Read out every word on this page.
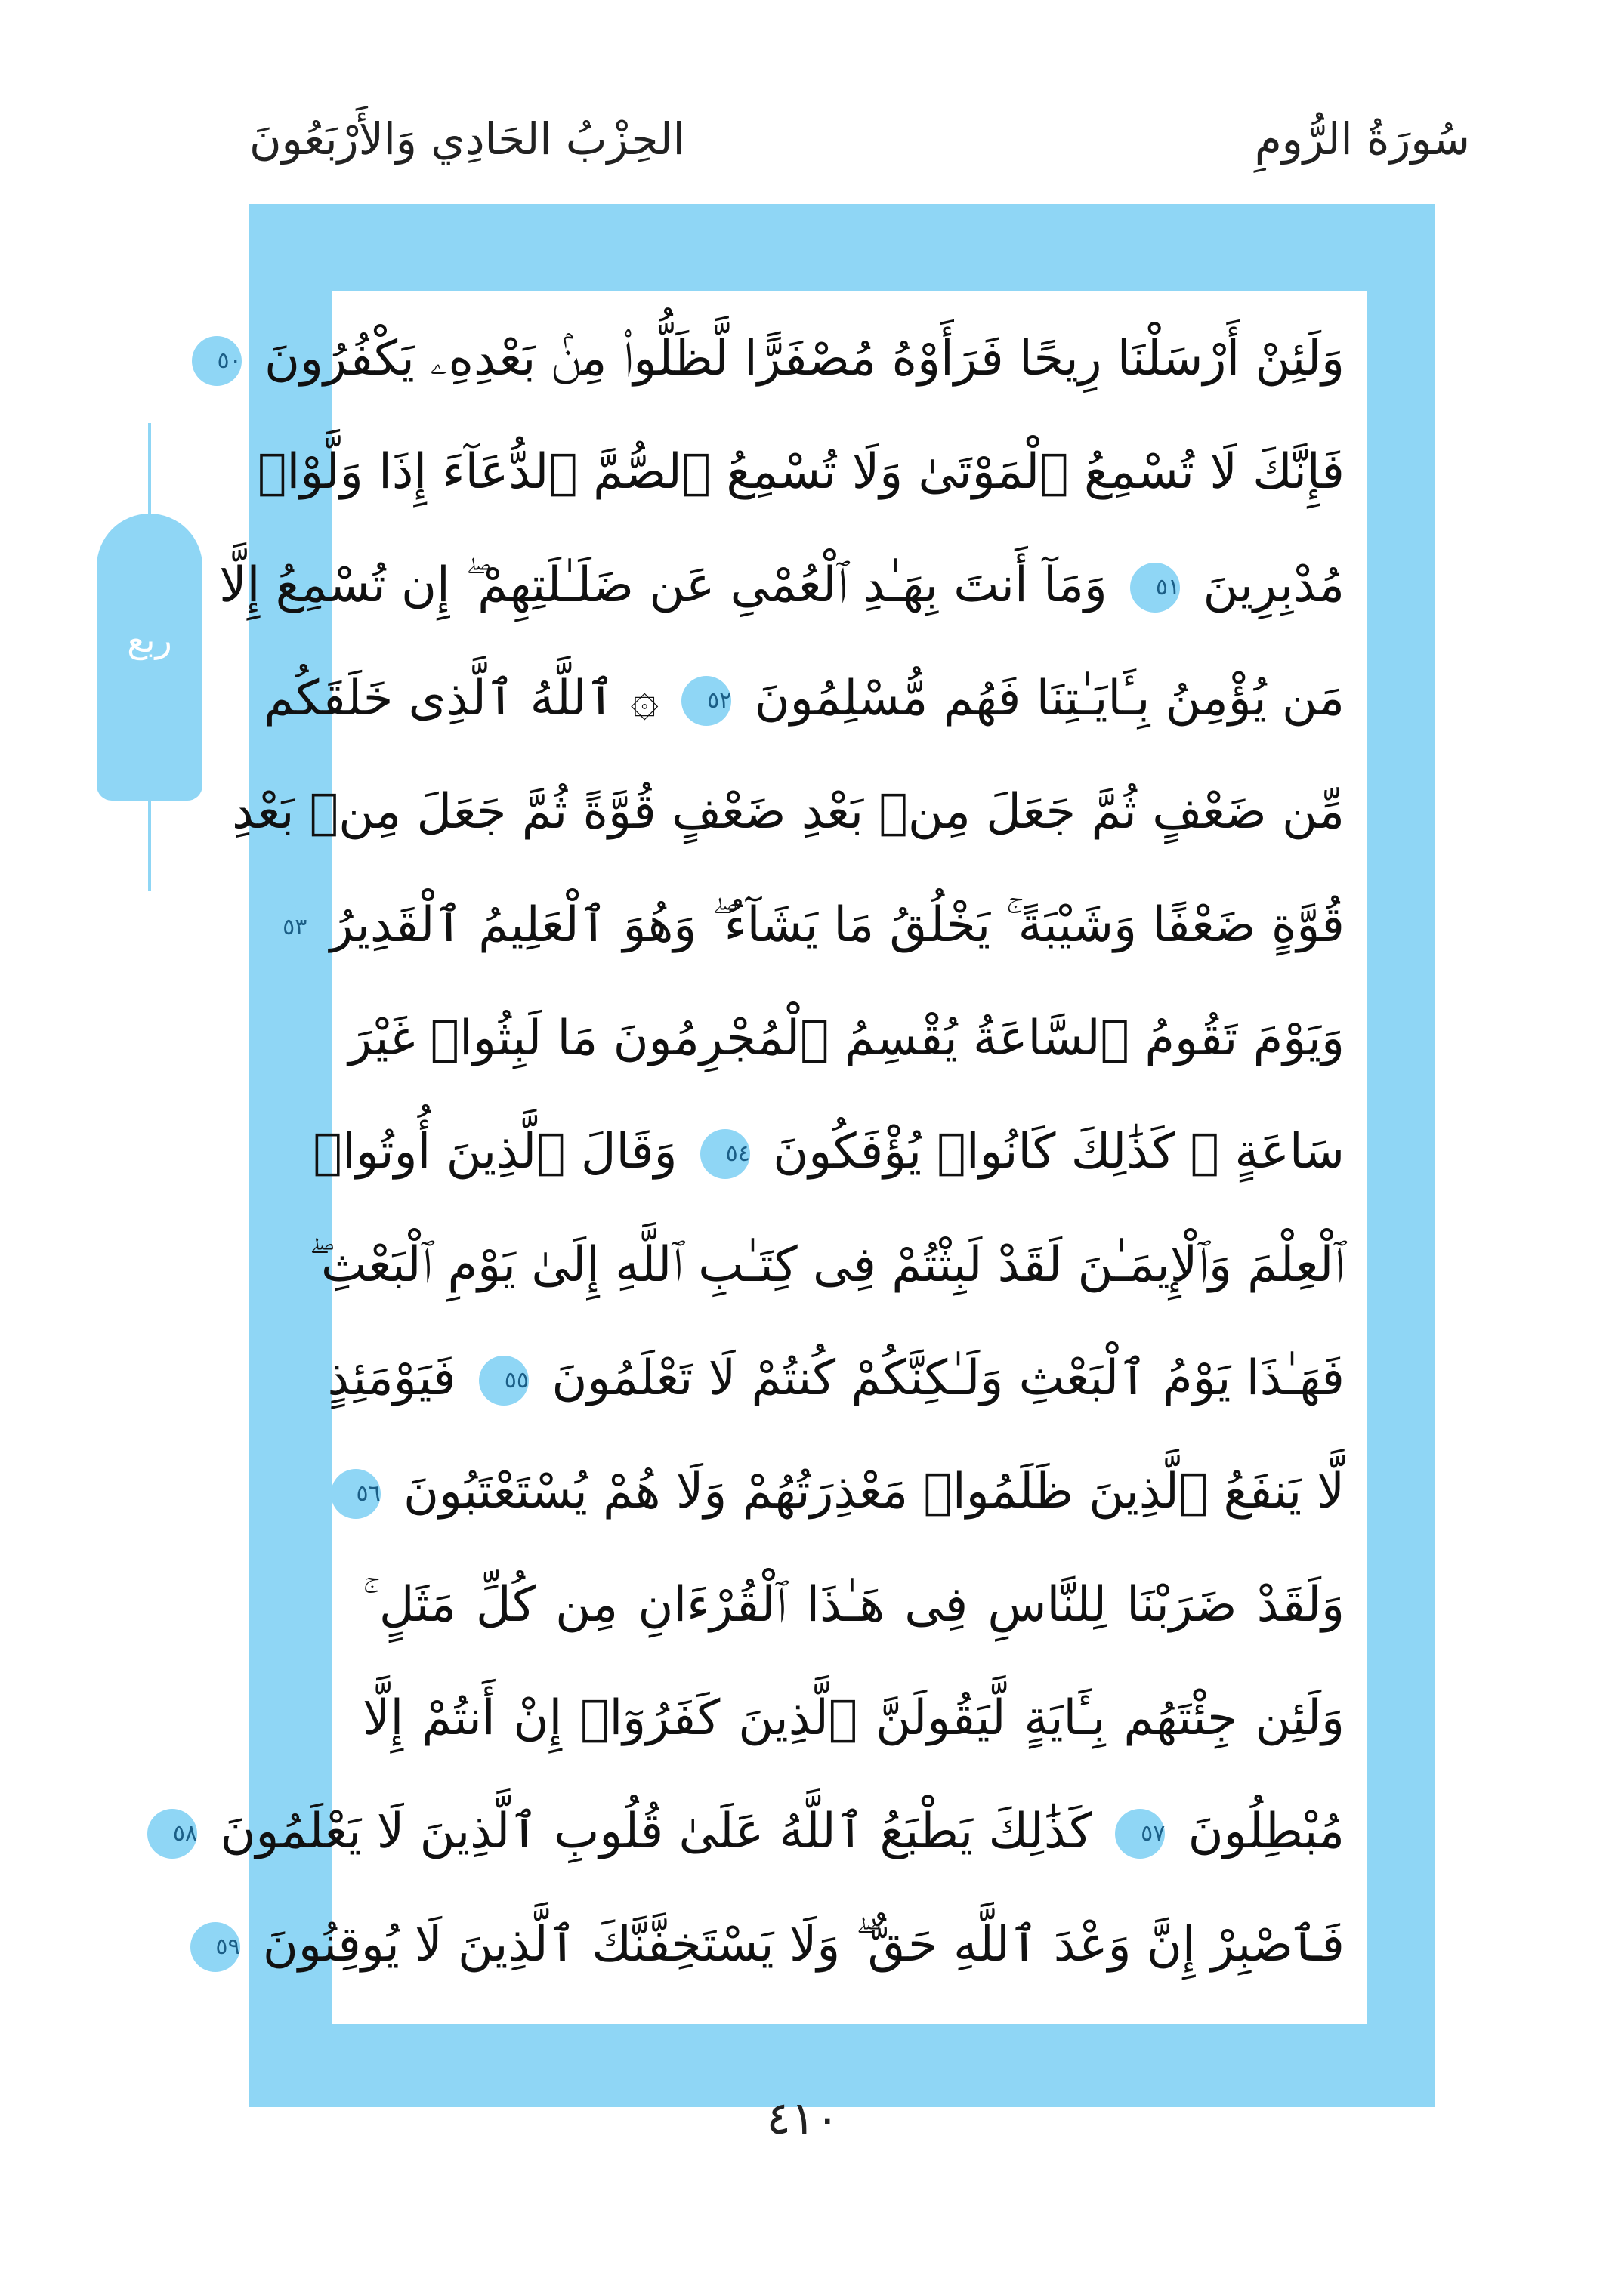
سُورَةُ الرُّومِ
الحِزْبُ الحَادِي وَالأَرْبَعُونَ
ربع
وَلَئِنْ أَرْسَلْنَا رِيحًا فَرَأَوْهُ مُصْفَرًّا لَّظَلُّوا۟ مِنۢ بَعْدِهِۦ يَكْفُرُونَ ٥٠
فَإِنَّكَ لَا تُسْمِعُ ٱلْمَوْتَىٰ وَلَا تُسْمِعُ ٱلصُّمَّ ٱلدُّعَآءَ إِذَا وَلَّوْا۟
مُدْبِرِينَ ٥١ وَمَآ أَنتَ بِهَـٰدِ ٱلْعُمْىِ عَن ضَلَـٰلَتِهِمْ ۖ إِن تُسْمِعُ إِلَّا
مَن يُؤْمِنُ بِـَٔايَـٰتِنَا فَهُم مُّسْلِمُونَ ٥٢ ۞ ٱللَّهُ ٱلَّذِى خَلَقَكُم
مِّن ضَعْفٍ ثُمَّ جَعَلَ مِنۢ بَعْدِ ضَعْفٍ قُوَّةً ثُمَّ جَعَلَ مِنۢ بَعْدِ
قُوَّةٍ ضَعْفًا وَشَيْبَةً ۚ يَخْلُقُ مَا يَشَآءُ ۖ وَهُوَ ٱلْعَلِيمُ ٱلْقَدِيرُ ٥٣
وَيَوْمَ تَقُومُ ٱلسَّاعَةُ يُقْسِمُ ٱلْمُجْرِمُونَ مَا لَبِثُوا۟ غَيْرَ
سَاعَةٍ ۚ كَذَٰلِكَ كَانُوا۟ يُؤْفَكُونَ ٥٤ وَقَالَ ٱلَّذِينَ أُوتُوا۟
ٱلْعِلْمَ وَٱلْإِيمَـٰنَ لَقَدْ لَبِثْتُمْ فِى كِتَـٰبِ ٱللَّهِ إِلَىٰ يَوْمِ ٱلْبَعْثِ ۖ
فَهَـٰذَا يَوْمُ ٱلْبَعْثِ وَلَـٰكِنَّكُمْ كُنتُمْ لَا تَعْلَمُونَ ٥٥ فَيَوْمَئِذٍ
لَّا يَنفَعُ ٱلَّذِينَ ظَلَمُوا۟ مَعْذِرَتُهُمْ وَلَا هُمْ يُسْتَعْتَبُونَ ٥٦
وَلَقَدْ ضَرَبْنَا لِلنَّاسِ فِى هَـٰذَا ٱلْقُرْءَانِ مِن كُلِّ مَثَلٍ ۚ
وَلَئِن جِئْتَهُم بِـَٔايَةٍ لَّيَقُولَنَّ ٱلَّذِينَ كَفَرُوٓا۟ إِنْ أَنتُمْ إِلَّا
مُبْطِلُونَ ٥٧ كَذَٰلِكَ يَطْبَعُ ٱللَّهُ عَلَىٰ قُلُوبِ ٱلَّذِينَ لَا يَعْلَمُونَ ٥٨
فَٱصْبِرْ إِنَّ وَعْدَ ٱللَّهِ حَقٌّ ۖ وَلَا يَسْتَخِفَّنَّكَ ٱلَّذِينَ لَا يُوقِنُونَ ٥٩
٤١٠
